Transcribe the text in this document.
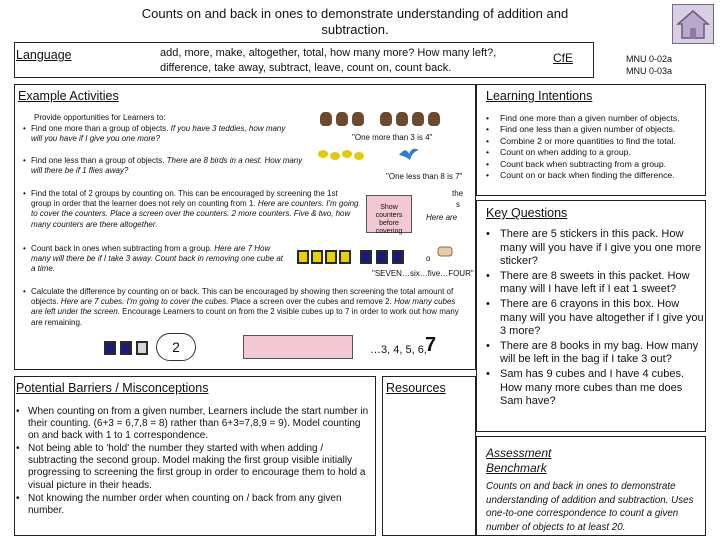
Counts on and back in ones to demonstrate understanding of addition and subtraction.
Language	add, more, make, altogether, total, how many more? How many left?, difference, take away, subtract, leave, count on, count back.
CfE	MNU 0-02a
MNU 0-03a
Example Activities
Provide opportunities for Learners to:
• Find one more than a group of objects. If you have 3 teddies, how many will you have if I give you one more?
• Find one less than a group of objects. There are 8 birds in a nest. How many will there be if 1 flies away?
• Find the total of 2 groups by counting on. This can be encouraged by screening the 1st group in order that the learner does not rely on counting from 1. Here are counters. I'm going to cover the counters. Place a screen over the counters. 2 more counters. Five & two, how many counters are there altogether.
• Count back in ones when subtracting from a group. Here are 7 How many will there be if I take 3 away. Count back in removing one cube at a time.
• Calculate the difference by counting on or back. This can be encouraged by showing then screening the total amount of objects. Here are 7 cubes. I'm going to cover the cubes. Place a screen over the cubes and remove 2. How many cubes are left under the screen. Encourage Learners to count on from the 2 visible cubes up to 7 in order to work out how many are remaining.
"One more than 3 is 4"
"One less than 8 is 7"
the
Show counters before covering
s
Here are
o
"SEVEN…six…five…FOUR"
2	…3, 4, 5, 6,
7
Learning Intentions
• Find one more than a given number of objects.
• Find one less than a given number of objects.
• Combine 2 or more quantities to find the total.
• Count on when adding to a group.
• Count back when subtracting from a group.
• Count on or back when finding the difference.
Key Questions
• There are 5 stickers in this pack. How many will you have if I give you one more sticker?
• There are 8 sweets in this packet. How many will I have left if I eat 1 sweet?
• There are 6 crayons in this box. How many will you have altogether if I give you 3 more?
• There are 8 books in my bag. How many will be left in the bag if I take 3 out?
• Sam has 9 cubes and I have 4 cubes. How many more cubes than me does Sam have?
Potential Barriers / Misconceptions
• When counting on from a given number, Learners include the start number in their counting. (6+3 = 6,7,8 = 8) rather than 6+3=7,8,9 = 9). Model counting on and back with 1 to 1 correspondence.
• Not being able to 'hold' the number they started with when adding / subtracting the second group. Model making the first group visible initially progressing to screening the first group in order to encourage them to hold a visual picture in their heads.
• Not knowing the number order when counting on / back from any given number.
Resources
Assessment
Benchmark
Counts on and back in ones to demonstrate understanding of addition and subtraction. Uses one-to-one correspondence to count a given number of objects to at least 20.
